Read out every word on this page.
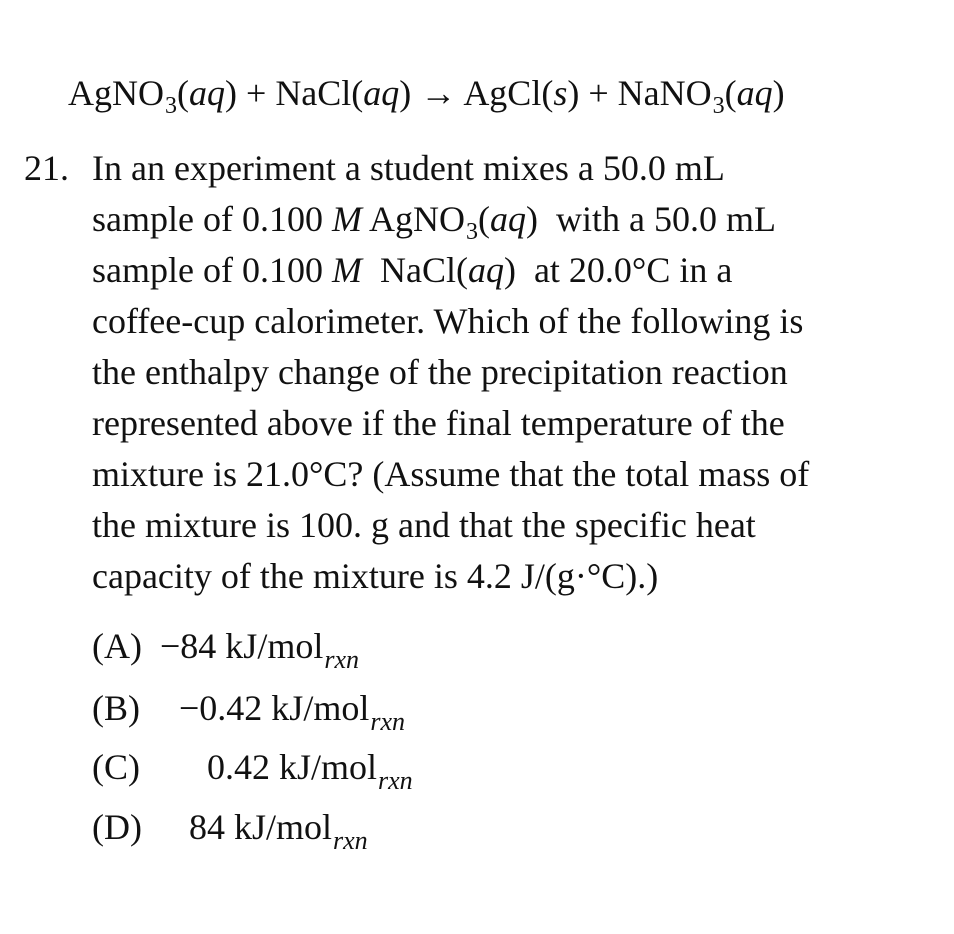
AgNO$_3$(aq) + NaCl(aq) → AgCl(s) + NaNO$_3$(aq)
21. In an experiment a student mixes a 50.0 mL
sample of 0.100 M AgNO$_3$(aq)  with a 50.0 mL
sample of 0.100 M  NaCl(aq)  at 20.0°C in a
coffee-cup calorimeter. Which of the following is
the enthalpy change of the precipitation reaction
represented above if the final temperature of the
mixture is 21.0°C? (Assume that the total mass of
the mixture is 100. g and that the specific heat
capacity of the mixture is 4.2 J/(g·°C).)
(A) −84 kJ/mol$_{rxn}$
(B) −0.42 kJ/mol$_{rxn}$
(C) 0.42 kJ/mol$_{rxn}$
(D) 84 kJ/mol$_{rxn}$
